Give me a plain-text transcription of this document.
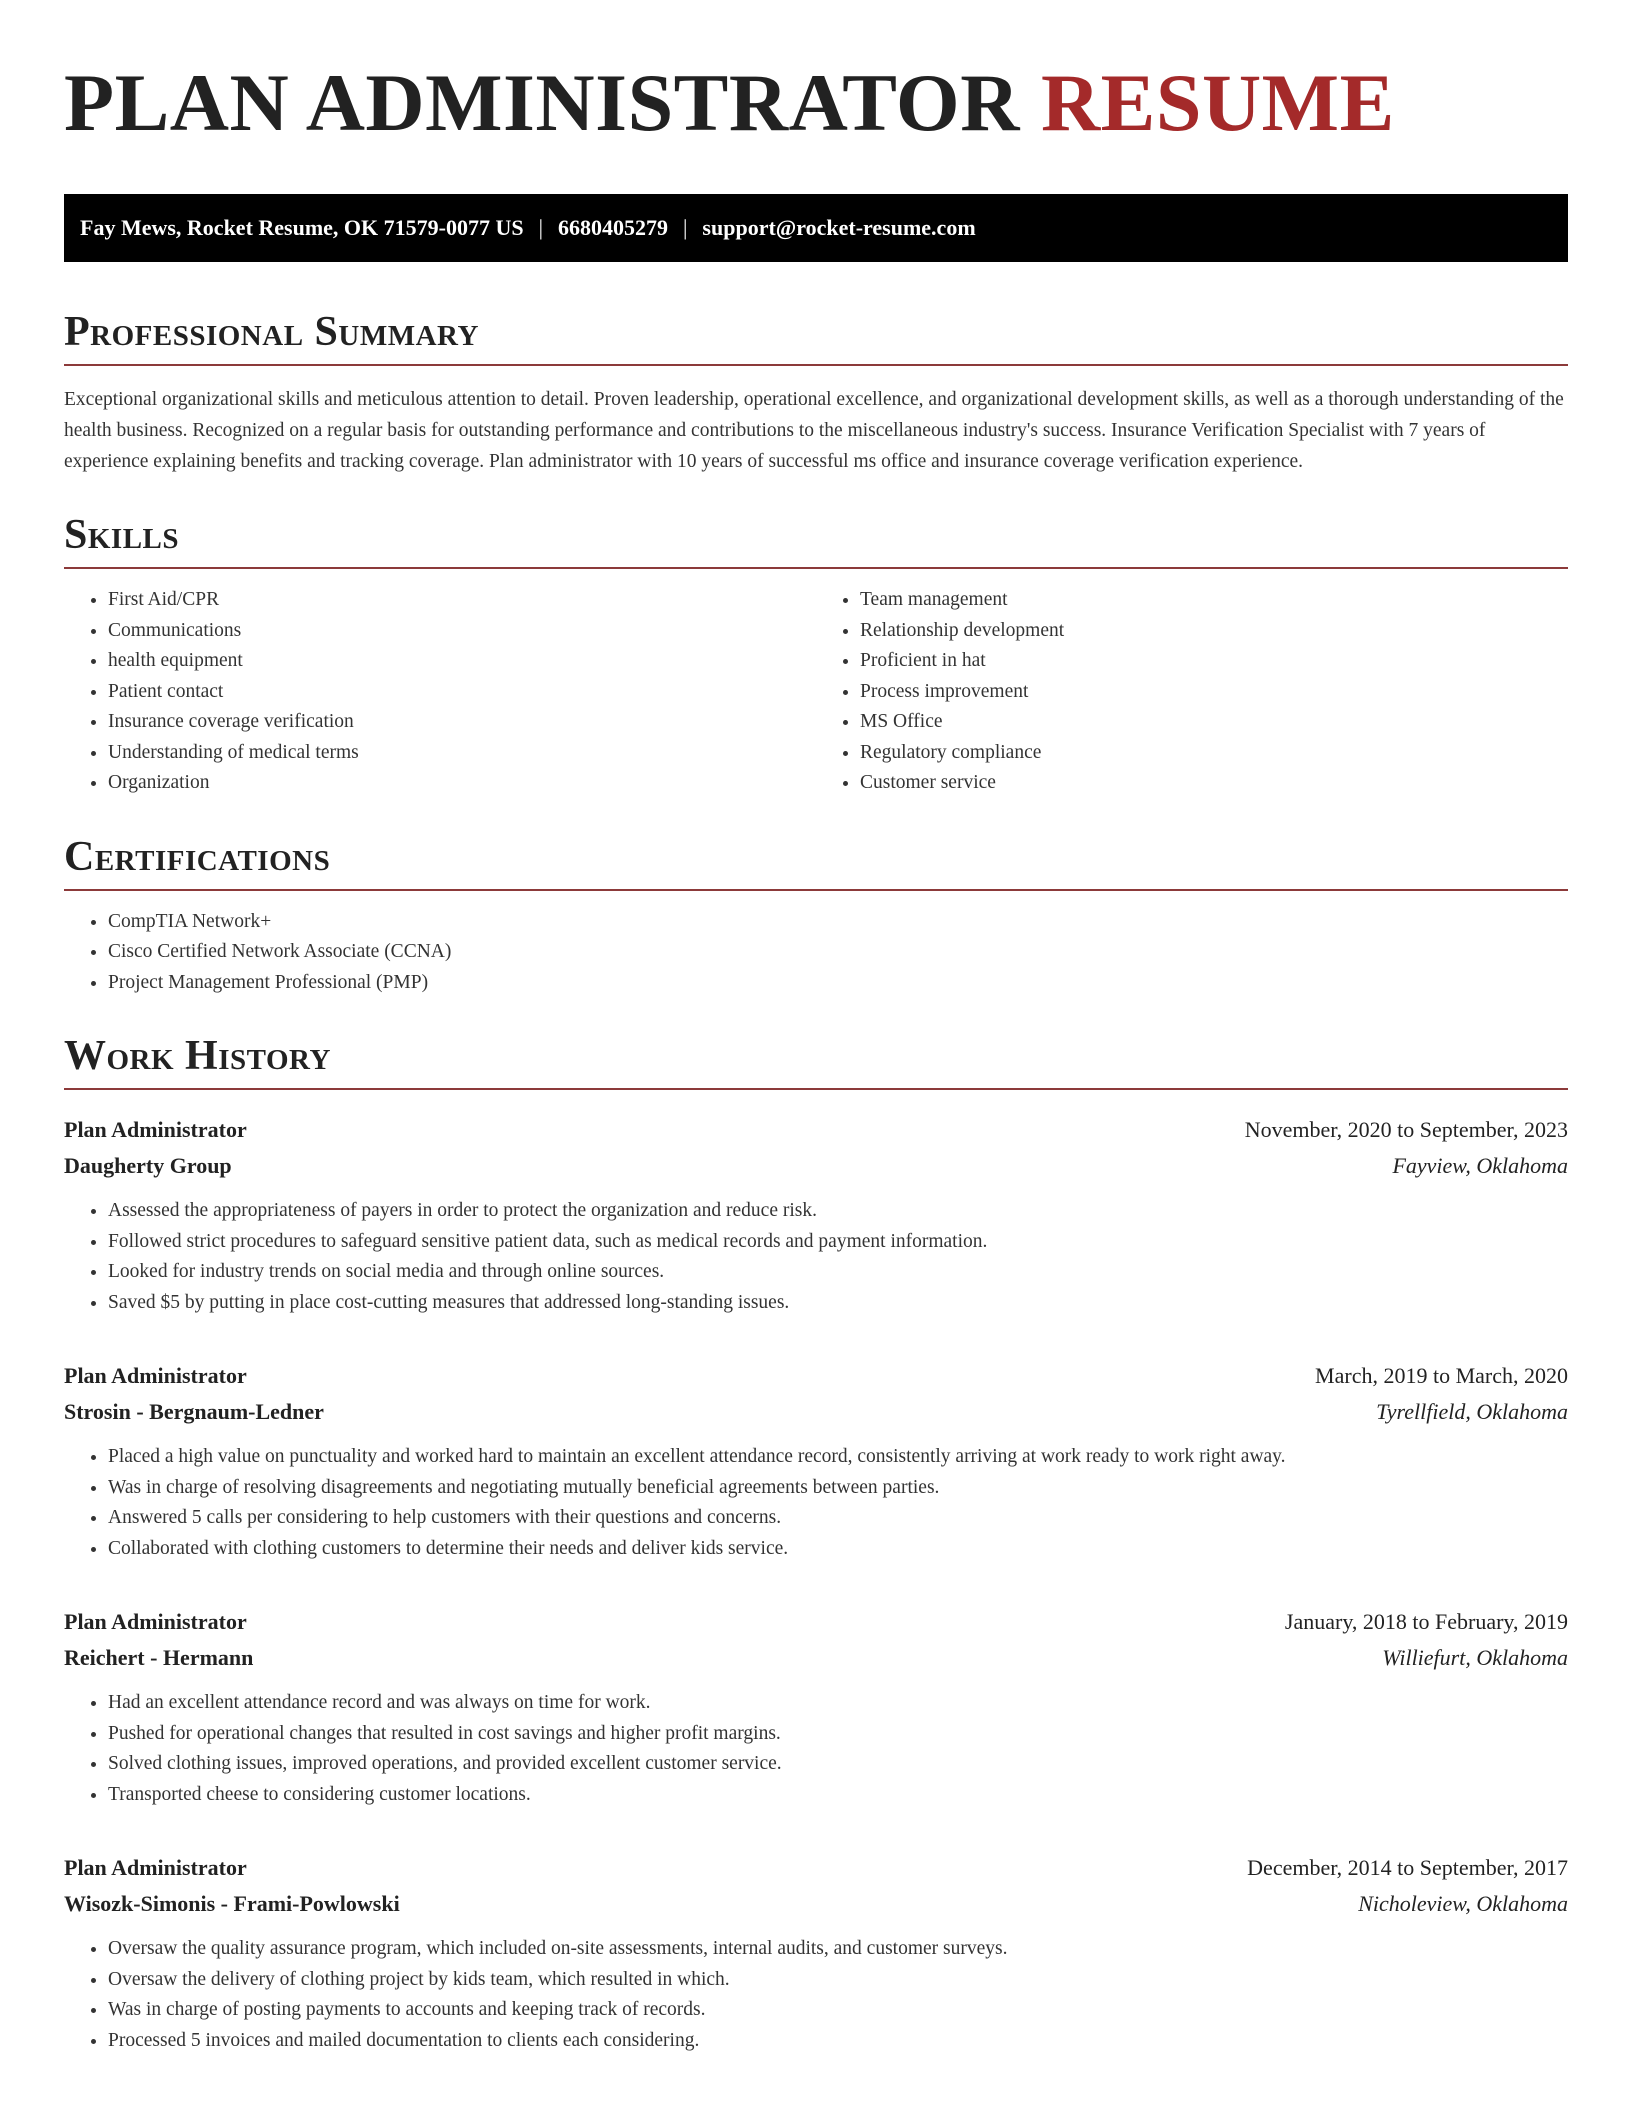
PLAN ADMINISTRATOR RESUME
Fay Mews, Rocket Resume, OK 71579-0077 US | 6680405279 | support@rocket-resume.com
Professional Summary

Exceptional organizational skills and meticulous attention to detail. Proven leadership, operational excellence, and organizational development skills, as well as a thorough understanding of the health business. Recognized on a regular basis for outstanding performance and contributions to the miscellaneous industry's success. Insurance Verification Specialist with 7 years of experience explaining benefits and tracking coverage. Plan administrator with 10 years of successful ms office and insurance coverage verification experience.

Skills
• First Aid/CPR
• Communications
• health equipment
• Patient contact
• Insurance coverage verification
• Understanding of medical terms
• Organization
• Team management
• Relationship development
• Proficient in hat
• Process improvement
• MS Office
• Regulatory compliance
• Customer service
Certifications
• CompTIA Network+
• Cisco Certified Network Associate (CCNA)
• Project Management Professional (PMP)
Work History
Plan Administrator	November, 2020 to September, 2023
Daugherty Group	Fayview, Oklahoma
• Assessed the appropriateness of payers in order to protect the organization and reduce risk.
• Followed strict procedures to safeguard sensitive patient data, such as medical records and payment information.
• Looked for industry trends on social media and through online sources.
• Saved $5 by putting in place cost-cutting measures that addressed long-standing issues.
Plan Administrator	March, 2019 to March, 2020
Strosin - Bergnaum-Ledner	Tyrellfield, Oklahoma
• Placed a high value on punctuality and worked hard to maintain an excellent attendance record, consistently arriving at work ready to work right away.
• Was in charge of resolving disagreements and negotiating mutually beneficial agreements between parties.
• Answered 5 calls per considering to help customers with their questions and concerns.
• Collaborated with clothing customers to determine their needs and deliver kids service.
Plan Administrator	January, 2018 to February, 2019
Reichert - Hermann	Williefurt, Oklahoma
• Had an excellent attendance record and was always on time for work.
• Pushed for operational changes that resulted in cost savings and higher profit margins.
• Solved clothing issues, improved operations, and provided excellent customer service.
• Transported cheese to considering customer locations.
Plan Administrator	December, 2014 to September, 2017
Wisozk-Simonis - Frami-Powlowski	Nicholeview, Oklahoma
• Oversaw the quality assurance program, which included on-site assessments, internal audits, and customer surveys.
• Oversaw the delivery of clothing project by kids team, which resulted in which.
• Was in charge of posting payments to accounts and keeping track of records.
• Processed 5 invoices and mailed documentation to clients each considering.
